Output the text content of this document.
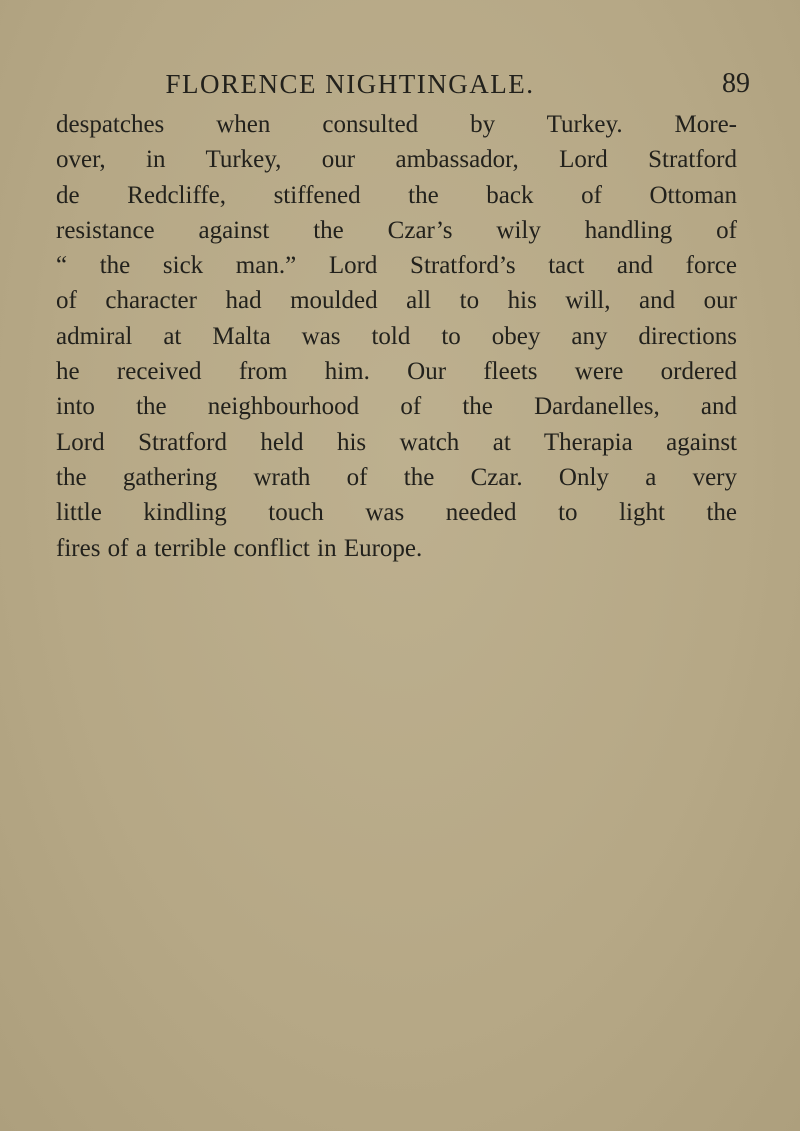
FLORENCE NIGHTINGALE.	89
despatches when consulted by Turkey. More-
over, in Turkey, our ambassador, Lord Stratford
de Redcliffe, stiffened the back of Ottoman
resistance against the Czar’s wily handling of
“ the sick man.” Lord Stratford’s tact and force
of character had moulded all to his will, and our
admiral at Malta was told to obey any directions
he received from him. Our fleets were ordered
into the neighbourhood of the Dardanelles, and
Lord Stratford held his watch at Therapia against
the gathering wrath of the Czar. Only a very
little kindling touch was needed to light the
fires of a terrible conflict in Europe.
